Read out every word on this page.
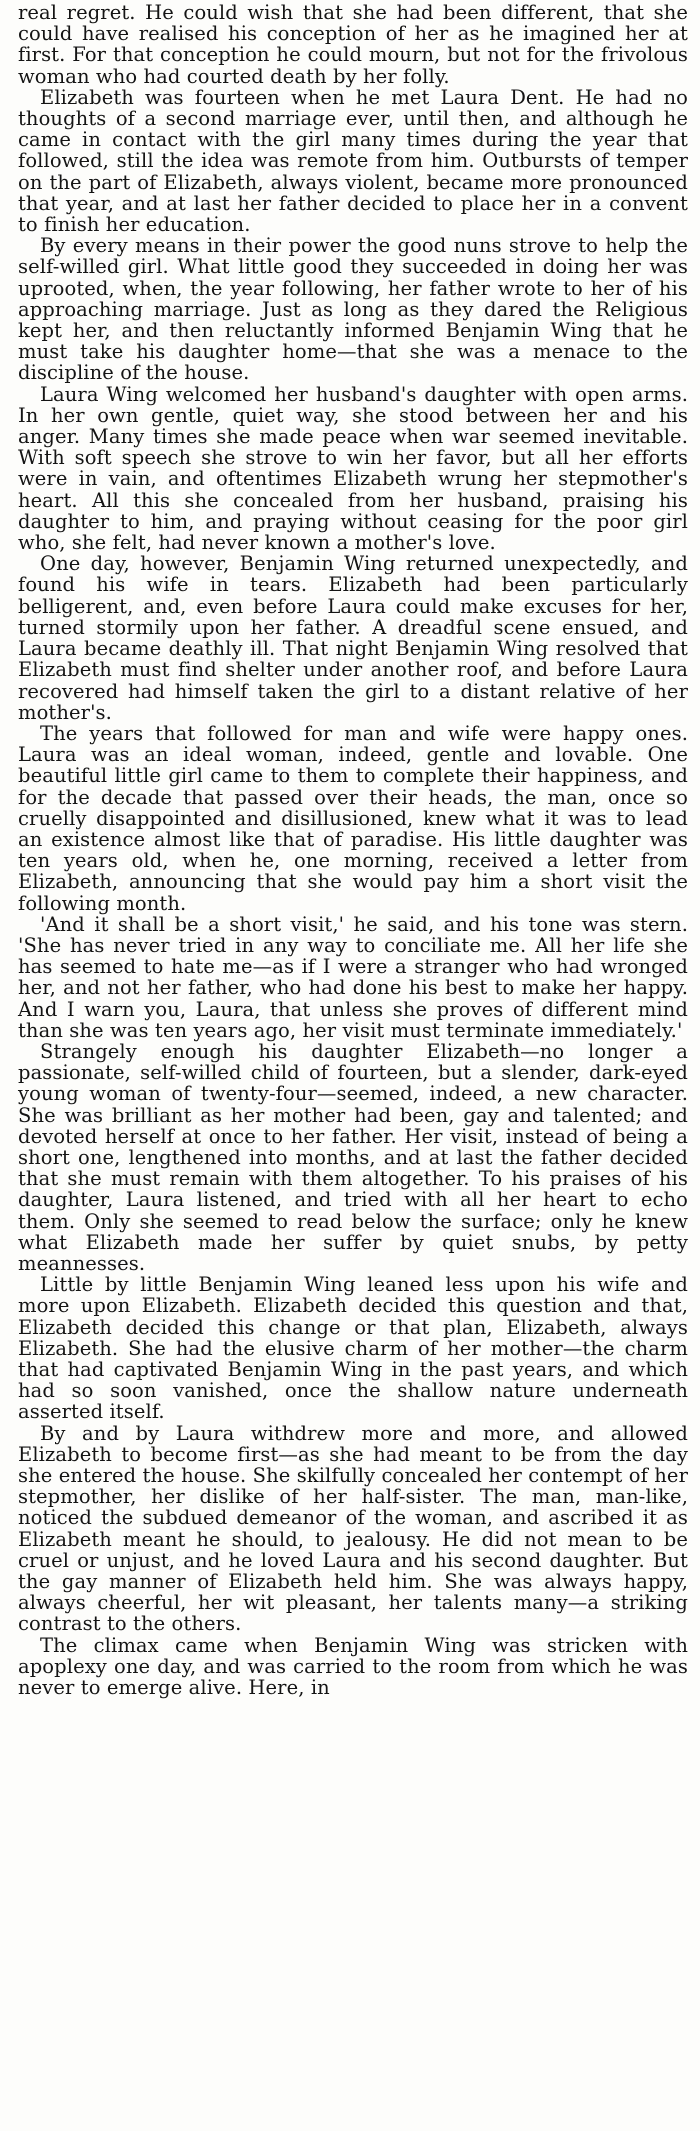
real regret. He could wish that she had been different, that she could have realised his conception of her as he imagined her at first. For that conception he could mourn, but not for the frivolous woman who had courted death by her folly.

Elizabeth was fourteen when he met Laura Dent. He had no thoughts of a second marriage ever, until then, and although he came in contact with the girl many times during the year that followed, still the idea was remote from him. Outbursts of temper on the part of Elizabeth, always violent, became more pronounced that year, and at last her father decided to place her in a convent to finish her education.

By every means in their power the good nuns strove to help the self-willed girl. What little good they succeeded in doing her was uprooted, when, the year following, her father wrote to her of his approaching marriage. Just as long as they dared the Religious kept her, and then reluctantly informed Benjamin Wing that he must take his daughter home—that she was a menace to the discipline of the house.

Laura Wing welcomed her husband's daughter with open arms. In her own gentle, quiet way, she stood between her and his anger. Many times she made peace when war seemed inevitable. With soft speech she strove to win her favor, but all her efforts were in vain, and oftentimes Elizabeth wrung her stepmother's heart. All this she concealed from her husband, praising his daughter to him, and praying without ceasing for the poor girl who, she felt, had never known a mother's love.

One day, however, Benjamin Wing returned unexpectedly, and found his wife in tears. Elizabeth had been particularly belligerent, and, even before Laura could make excuses for her, turned stormily upon her father. A dreadful scene ensued, and Laura became deathly ill. That night Benjamin Wing resolved that Elizabeth must find shelter under another roof, and before Laura recovered had himself taken the girl to a distant relative of her mother's.

The years that followed for man and wife were happy ones. Laura was an ideal woman, indeed, gentle and lovable. One beautiful little girl came to them to complete their happiness, and for the decade that passed over their heads, the man, once so cruelly disappointed and disillusioned, knew what it was to lead an existence almost like that of paradise. His little daughter was ten years old, when he, one morning, received a letter from Elizabeth, announcing that she would pay him a short visit the following month.

'And it shall be a short visit,' he said, and his tone was stern. 'She has never tried in any way to conciliate me. All her life she has seemed to hate me—as if I were a stranger who had wronged her, and not her father, who had done his best to make her happy. And I warn you, Laura, that unless she proves of different mind than she was ten years ago, her visit must terminate immediately.'

Strangely enough his daughter Elizabeth—no longer a passionate, self-willed child of fourteen, but a slender, dark-eyed young woman of twenty-four—seemed, indeed, a new character. She was brilliant as her mother had been, gay and talented; and devoted herself at once to her father. Her visit, instead of being a short one, lengthened into months, and at last the father decided that she must remain with them altogether. To his praises of his daughter, Laura listened, and tried with all her heart to echo them. Only she seemed to read below the surface; only he knew what Elizabeth made her suffer by quiet snubs, by petty meannesses.

Little by little Benjamin Wing leaned less upon his wife and more upon Elizabeth. Elizabeth decided this question and that, Elizabeth decided this change or that plan, Elizabeth, always Elizabeth. She had the elusive charm of her mother—the charm that had captivated Benjamin Wing in the past years, and which had so soon vanished, once the shallow nature underneath asserted itself.

By and by Laura withdrew more and more, and allowed Elizabeth to become first—as she had meant to be from the day she entered the house. She skilfully concealed her contempt of her stepmother, her dislike of her half-sister. The man, man-like, noticed the subdued demeanor of the woman, and ascribed it as Elizabeth meant he should, to jealousy. He did not mean to be cruel or unjust, and he loved Laura and his second daughter. But the gay manner of Elizabeth held him. She was always happy, always cheerful, her wit pleasant, her talents many—a striking contrast to the others.

The climax came when Benjamin Wing was stricken with apoplexy one day, and was carried to the room from which he was never to emerge alive. Here, in
